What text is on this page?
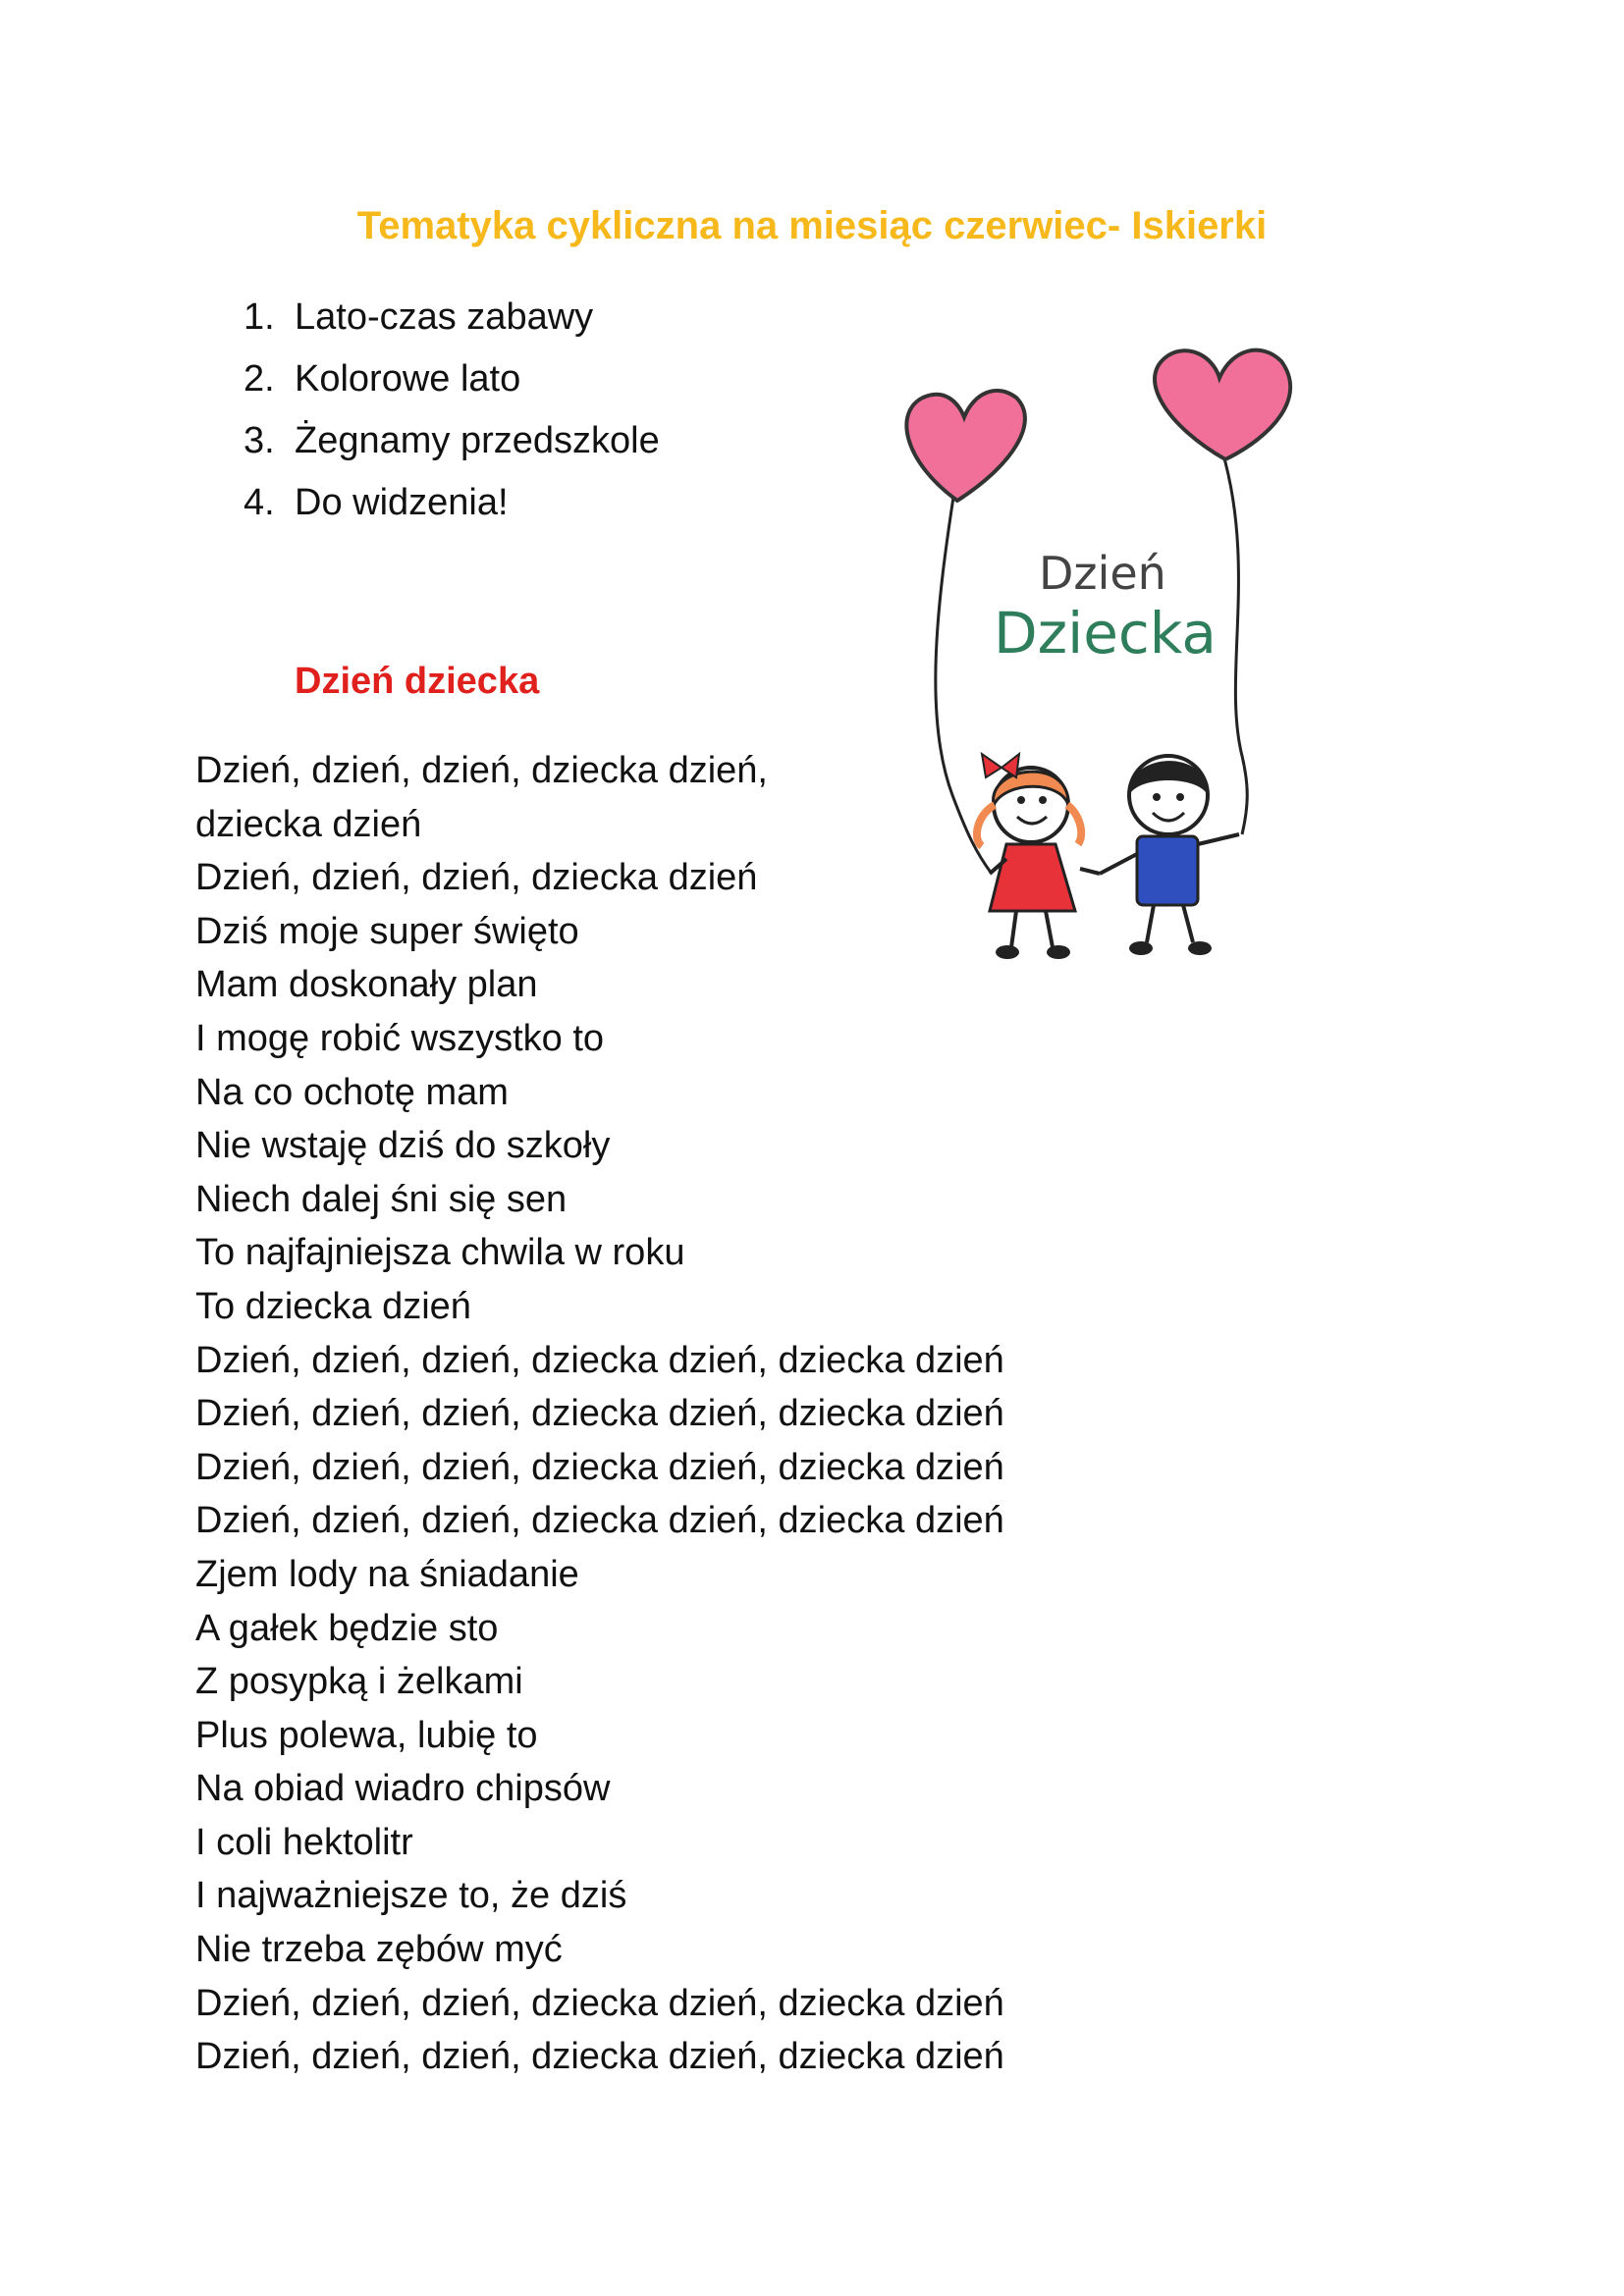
Tematyka cykliczna na miesiąc czerwiec- Iskierki
1. Lato-czas zabawy
2. Kolorowe lato
3. Żegnamy przedszkole
4. Do widzenia!
Dzień dziecka
Dzień, dzień, dzień, dziecka dzień,
dziecka dzień
Dzień, dzień, dzień, dziecka dzień
Dziś moje super święto
Mam doskonały plan
I mogę robić wszystko to
Na co ochotę mam
Nie wstaję dziś do szkoły
Niech dalej śni się sen
To najfajniejsza chwila w roku
To dziecka dzień
Dzień, dzień, dzień, dziecka dzień, dziecka dzień
Dzień, dzień, dzień, dziecka dzień, dziecka dzień
Dzień, dzień, dzień, dziecka dzień, dziecka dzień
Dzień, dzień, dzień, dziecka dzień, dziecka dzień
Zjem lody na śniadanie
A gałek będzie sto
Z posypką i żelkami
Plus polewa, lubię to
Na obiad wiadro chipsów
I coli hektolitr
I najważniejsze to, że dziś
Nie trzeba zębów myć
Dzień, dzień, dzień, dziecka dzień, dziecka dzień
Dzień, dzień, dzień, dziecka dzień, dziecka dzień
Dzień
Dziecka
